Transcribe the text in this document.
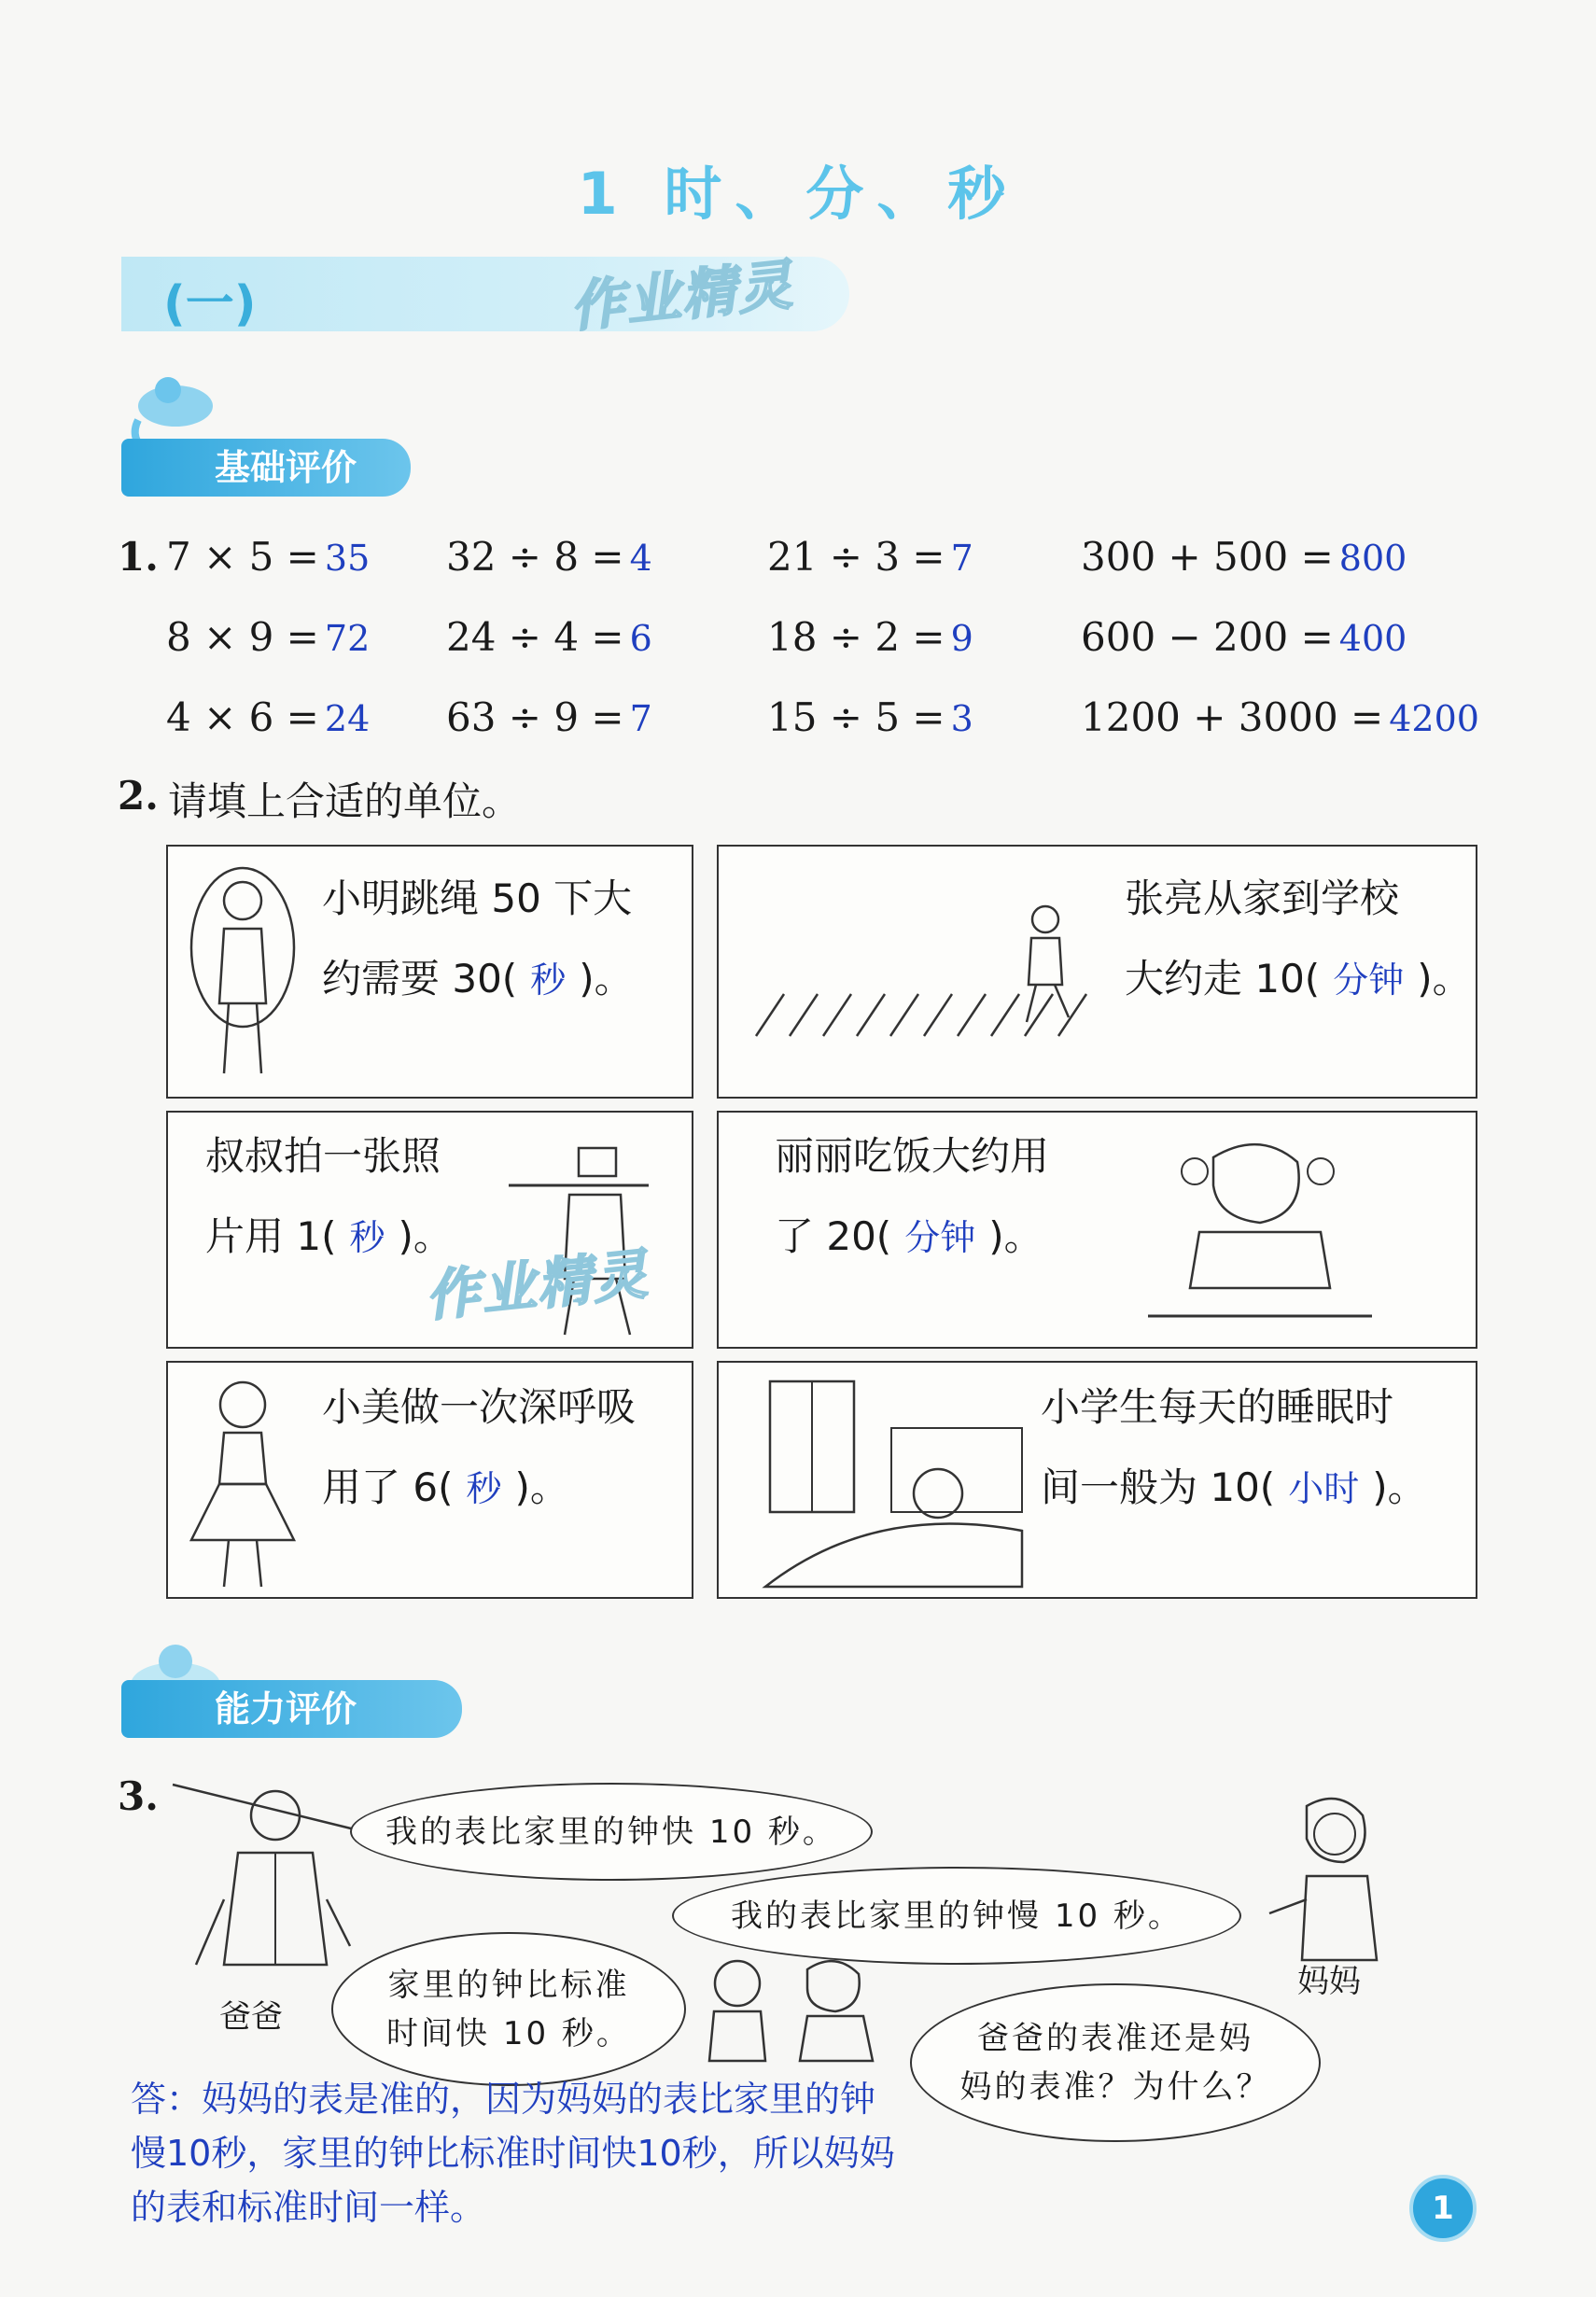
1 时、分、秒
(一)	作业精灵
基础评价
1. 7 × 5 = 35 32 ÷ 8 = 4	21 ÷ 3 = 7	300 + 500 = 800
8 × 9 = 72 24 ÷ 4 = 6	18 ÷ 2 = 9	600 − 200 = 400
4 × 6 = 24 63 ÷ 9 = 7	15 ÷ 5 = 3	1200 + 3000 = 4200
2. 请填上合适的单位。
小明跳绳 50 下大
约需要 30( 秒 )。
张亮从家到学校
大约走 10( 分钟 )。
叔叔拍一张照
片用 1( 秒 )。
丽丽吃饭大约用
了 20( 分钟 )。
小美做一次深呼吸
用了 6( 秒 )。
小学生每天的睡眠时
间一般为 10( 小时 )。
作业精灵
能力评价
3.
爸爸
妈妈
我的表比家里的钟快 10 秒。
我的表比家里的钟慢 10 秒。
家里的钟比标准
时间快 10 秒。	爸爸的表准还是妈
妈的表准？为什么？
答：妈妈的表是准的，因为妈妈的表比家里的钟
慢10秒，家里的钟比标准时间快10秒，所以妈妈
的表和标准时间一样。	1
